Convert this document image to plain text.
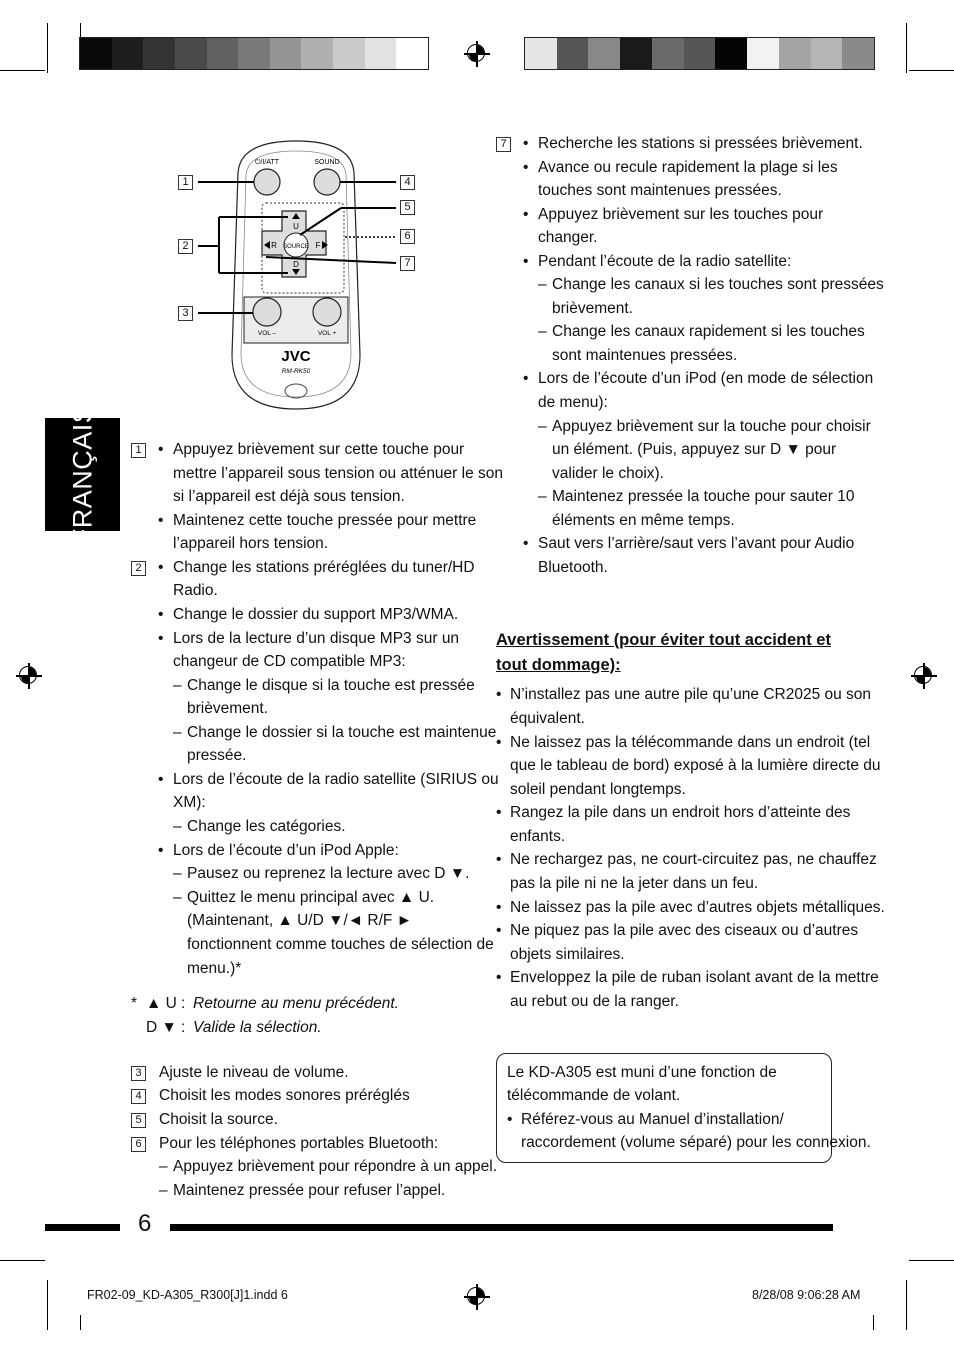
FRANÇAIS
⏻/I/ATT	SOUND
SOURCE
U
D
R	F
VOL –	VOL +
JVC
RM-RK50
1
2
3
4
5
6
7
1 • Appuyez brièvement sur cette touche pour
mettre l’appareil sous tension ou atténuer le son
si l’appareil est déjà sous tension.
• Maintenez cette touche pressée pour mettre
l’appareil hors tension.
2 • Change les stations préréglées du tuner/HD
Radio.
• Change le dossier du support MP3/WMA.
• Lors de la lecture d’un disque MP3 sur un
changeur de CD compatible MP3:
– Change le disque si la touche est pressée
brièvement.
– Change le dossier si la touche est maintenue
pressée.
• Lors de l’écoute de la radio satellite (SIRIUS ou
XM):
– Change les catégories.
• Lors de l’écoute d’un iPod Apple:
– Pausez ou reprenez la lecture avec D ▼.
– Quittez le menu principal avec ▲ U.
(Maintenant, ▲ U/D ▼/◄ R/F ►
fonctionnent comme touches de sélection de
menu.)*
* ▲ U : Retourne au menu précédent.
D ▼ : Valide la sélection.
3 Ajuste le niveau de volume.
4 Choisit les modes sonores préréglés
5 Choisit la source.
6 Pour les téléphones portables Bluetooth:
– Appuyez brièvement pour répondre à un appel.
– Maintenez pressée pour refuser l’appel.
7 • Recherche les stations si pressées brièvement.
• Avance ou recule rapidement la plage si les
touches sont maintenues pressées.
• Appuyez brièvement sur les touches pour
changer.
• Pendant l’écoute de la radio satellite:
– Change les canaux si les touches sont pressées
brièvement.
– Change les canaux rapidement si les touches
sont maintenues pressées.
• Lors de l’écoute d’un iPod (en mode de sélection
de menu):
– Appuyez brièvement sur la touche pour choisir
un élément. (Puis, appuyez sur D ▼ pour
valider le choix).
– Maintenez pressée la touche pour sauter 10
éléments en même temps.
• Saut vers l’arrière/saut vers l’avant pour Audio
Bluetooth.
Avertissement (pour éviter tout accident et
tout dommage):
• N’installez pas une autre pile qu’une CR2025 ou son
équivalent.
• Ne laissez pas la télécommande dans un endroit (tel
que le tableau de bord) exposé à la lumière directe du
soleil pendant longtemps.
• Rangez la pile dans un endroit hors d’atteinte des
enfants.
• Ne rechargez pas, ne court-circuitez pas, ne chauffez
pas la pile ni ne la jeter dans un feu.
• Ne laissez pas la pile avec d’autres objets métalliques.
• Ne piquez pas la pile avec des ciseaux ou d’autres
objets similaires.
• Enveloppez la pile de ruban isolant avant de la mettre
au rebut ou de la ranger.
Le KD-A305 est muni d’une fonction de
télécommande de volant.
• Référez-vous au Manuel d’installation/
raccordement (volume séparé) pour les connexion.
6
FR02-09_KD-A305_R300[J]1.indd 6	8/28/08 9:06:28 AM
